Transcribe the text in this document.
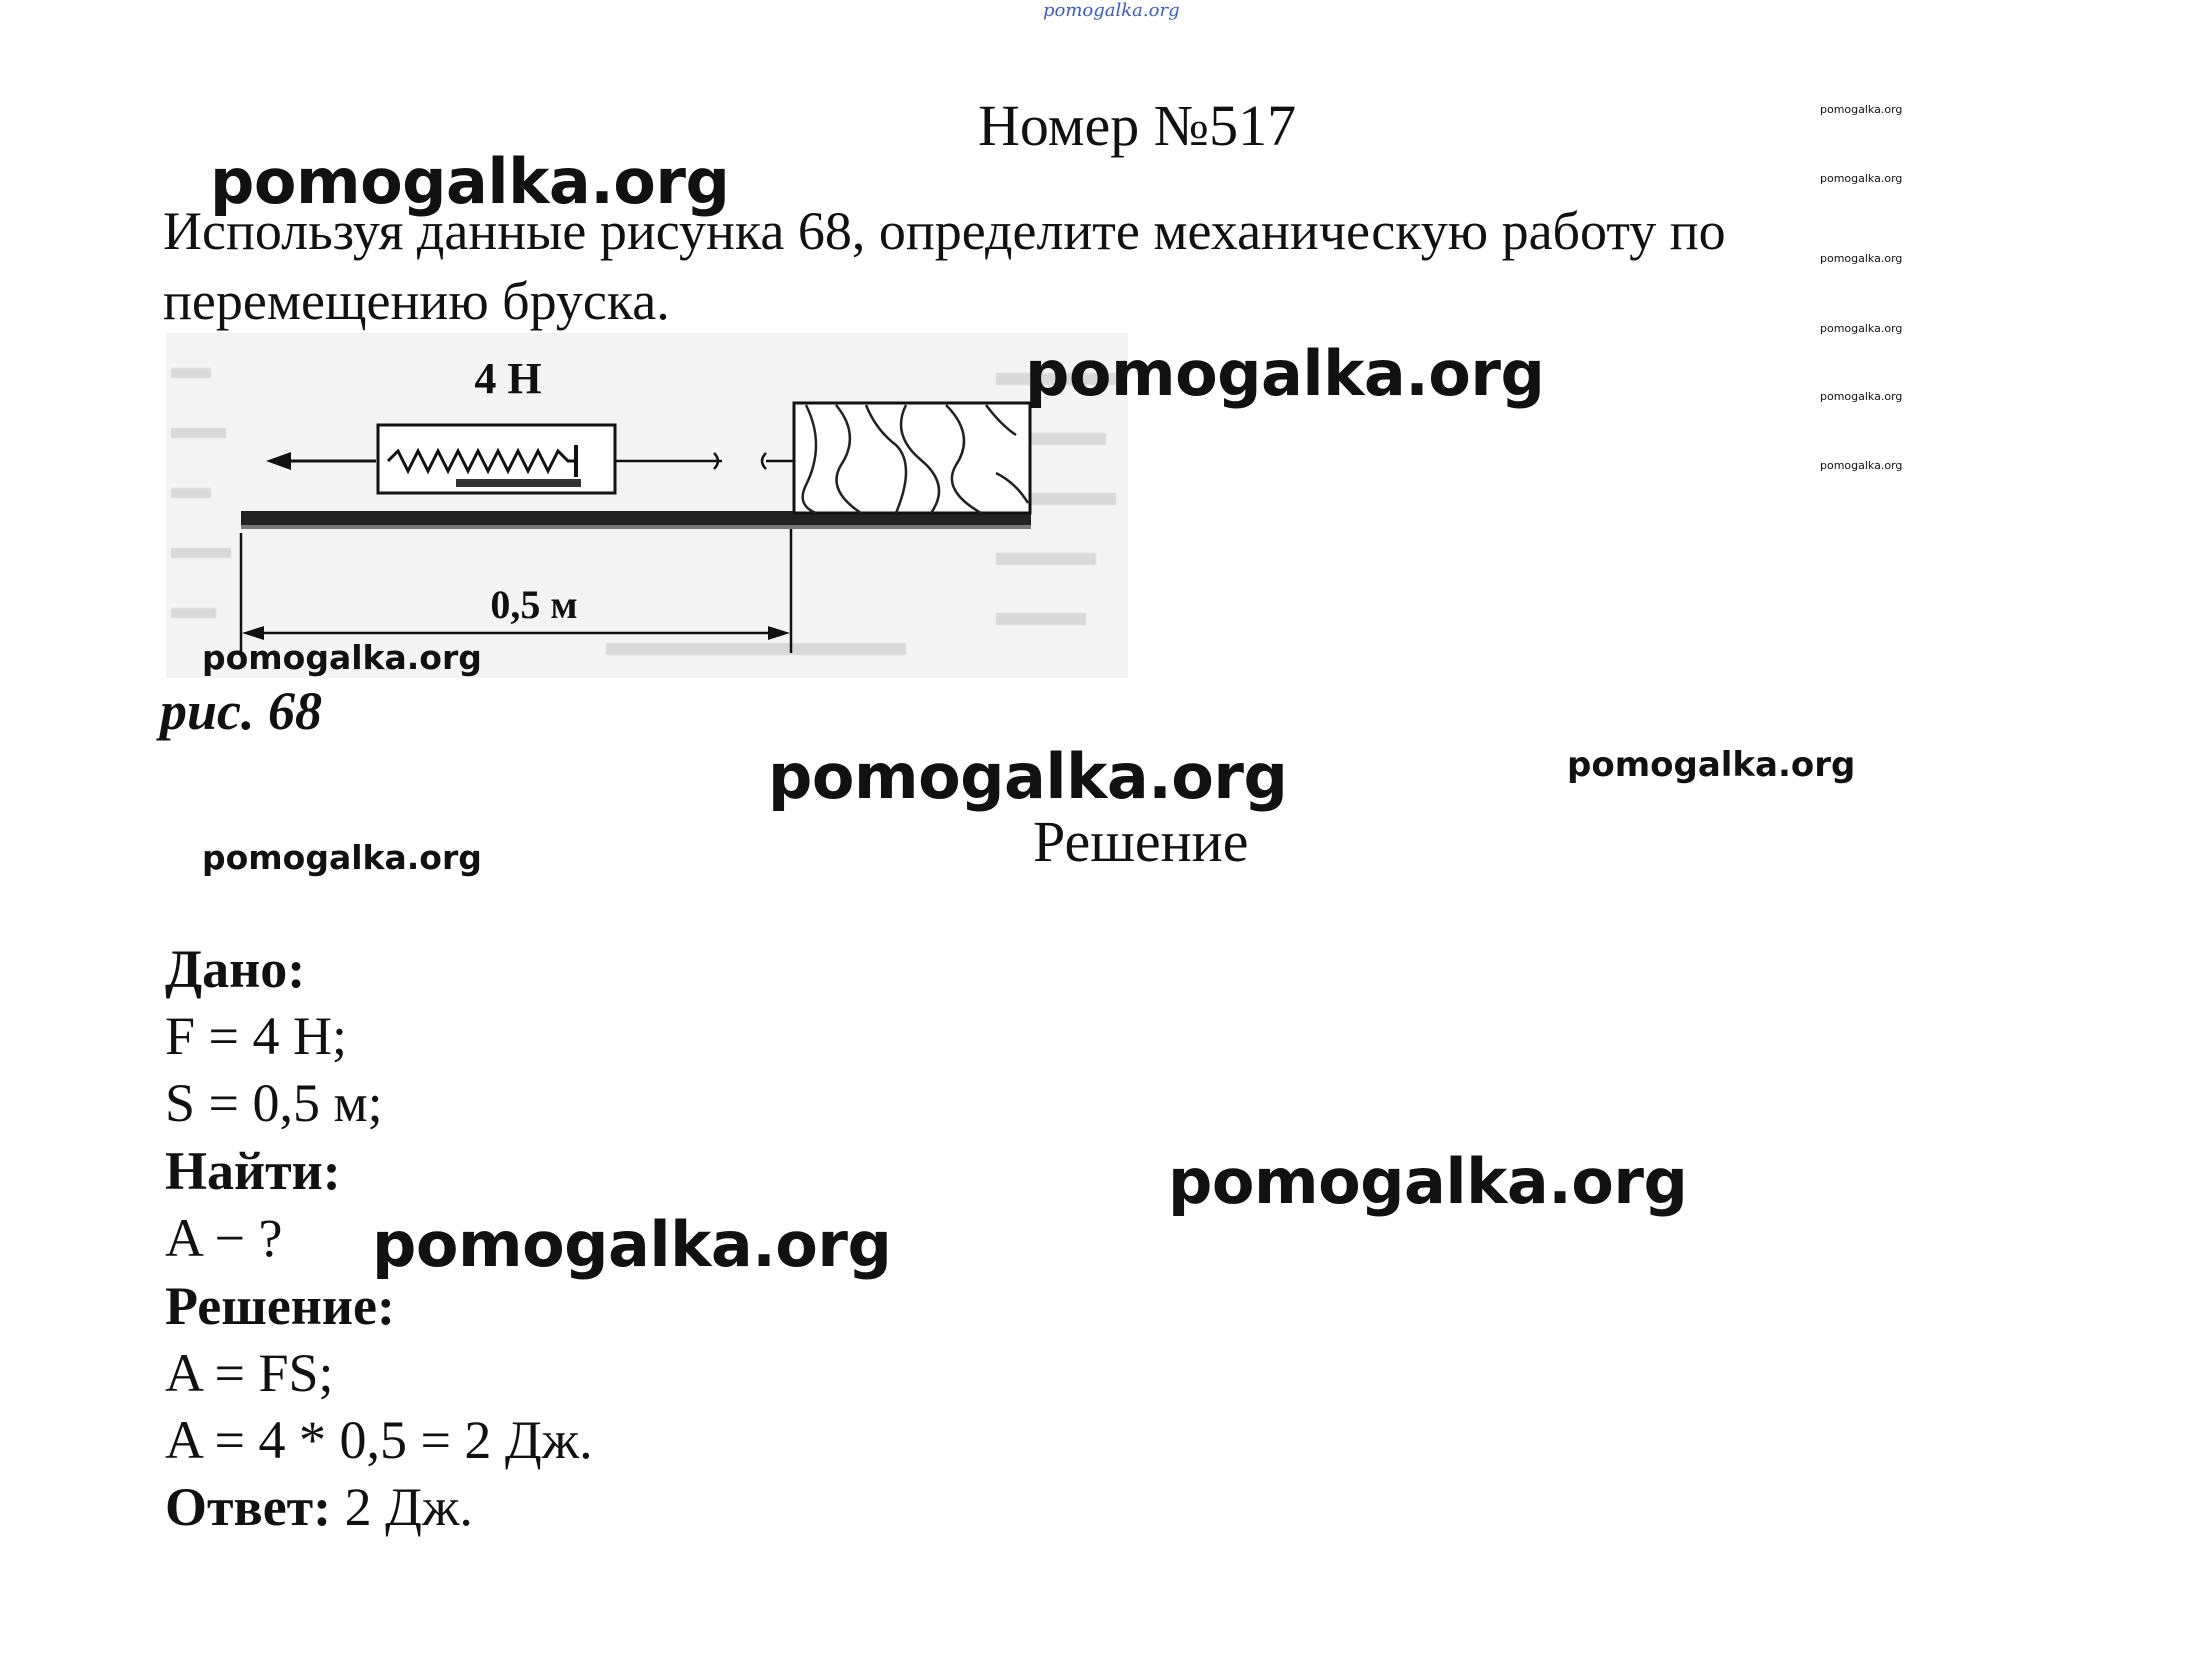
pomogalka.org
Номер №517	pomogalka.org
pomogalka.org
pomogalka.org
pomogalka.org
pomogalka.org
pomogalka.org
Используя данные рисунка 68, определите механическую работу по перемещению бруска.
pomogalka.org
4 Н
0,5 м
pomogalka.org
pomogalka.org
рис. 68
pomogalka.org	pomogalka.org
pomogalka.org	Решение
Дано:
F = 4 Н;
S = 0,5 м;
Найти:
A − ? pomogalka.org
pomogalka.org
Решение:
A = FS;
A = 4 * 0,5 = 2 Дж.
Ответ: 2 Дж.
